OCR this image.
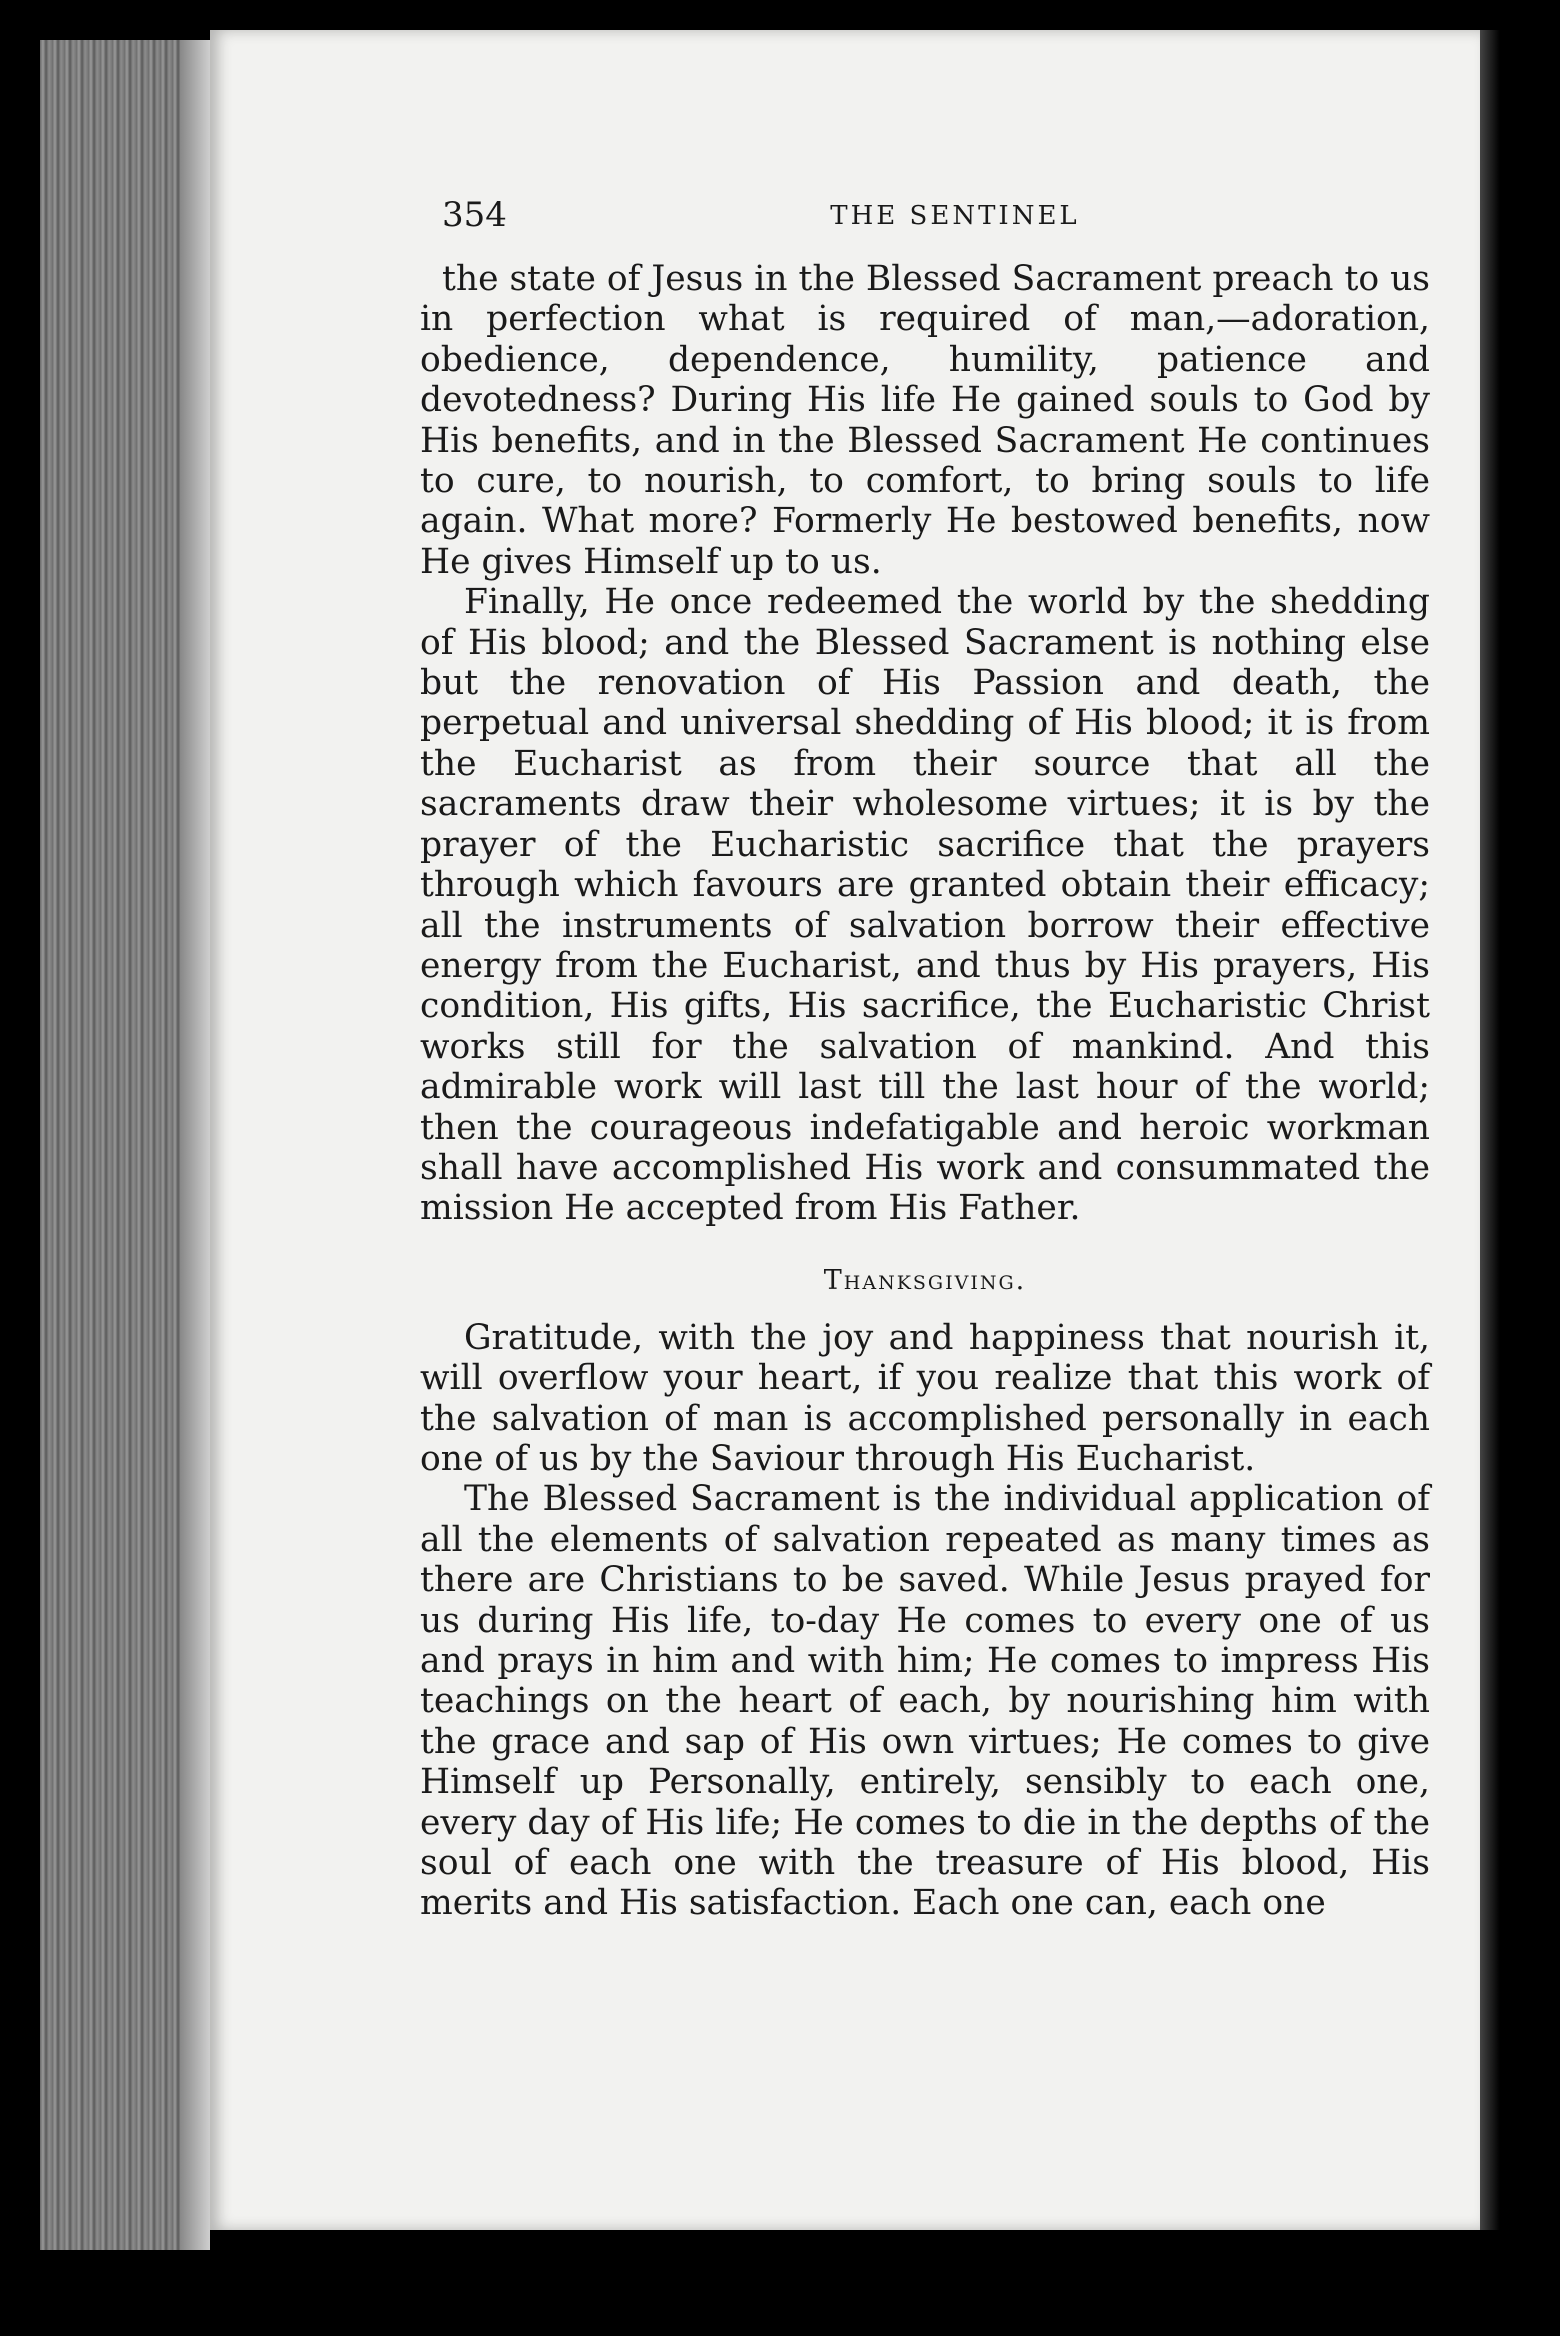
354	THE SENTINEL

the state of Jesus in the Blessed Sacrament preach to us in perfection what is required of man,—adoration, obedience, dependence, humility, patience and devotedness? During His life He gained souls to God by His benefits, and in the Blessed Sacrament He continues to cure, to nourish, to comfort, to bring souls to life again. What more? Formerly He bestowed benefits, now He gives Himself up to us.

Finally, He once redeemed the world by the shedding of His blood; and the Blessed Sacrament is nothing else but the renovation of His Passion and death, the perpetual and universal shedding of His blood; it is from the Eucharist as from their source that all the sacraments draw their wholesome virtues; it is by the prayer of the Eucharistic sacrifice that the prayers through which favours are granted obtain their efficacy; all the instruments of salvation borrow their effective energy from the Eucharist, and thus by His prayers, His condition, His gifts, His sacrifice, the Eucharistic Christ works still for the salvation of mankind. And this admirable work will last till the last hour of the world; then the courageous indefatigable and heroic workman shall have accomplished His work and consummated the mission He accepted from His Father.

Thanksgiving.

Gratitude, with the joy and happiness that nourish it, will overflow your heart, if you realize that this work of the salvation of man is accomplished personally in each one of us by the Saviour through His Eucharist.

The Blessed Sacrament is the individual application of all the elements of salvation repeated as many times as there are Christians to be saved. While Jesus prayed for us during His life, to-day He comes to every one of us and prays in him and with him; He comes to impress His teachings on the heart of each, by nourishing him with the grace and sap of His own virtues; He comes to give Himself up Personally, entirely, sensibly to each one, every day of His life; He comes to die in the depths of the soul of each one with the treasure of His blood, His merits and His satisfaction. Each one can, each one
